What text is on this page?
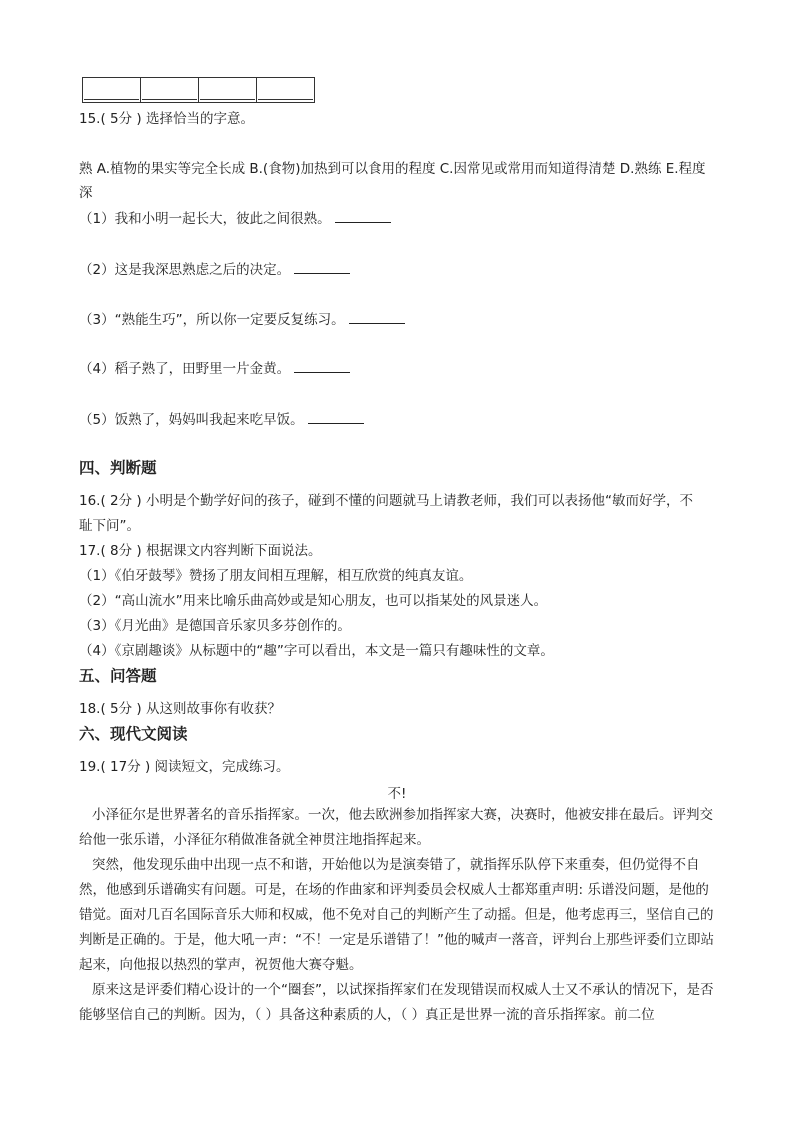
15.( 5分 ) 选择恰当的字意。
熟 A.植物的果实等完全长成 B.(食物)加热到可以食用的程度 C.因常见或常用而知道得清楚 D.熟练 E.程度
深
（1）我和小明一起长大，彼此之间很熟。
（2）这是我深思熟虑之后的决定。
（3）“熟能生巧”，所以你一定要反复练习。
（4）稻子熟了，田野里一片金黄。
（5）饭熟了，妈妈叫我起来吃早饭。
四、判断题
16.( 2分 ) 小明是个勤学好问的孩子，碰到不懂的问题就马上请教老师，我们可以表扬他“敏而好学，不
耻下问”。
17.( 8分 ) 根据课文内容判断下面说法。
（1）《伯牙鼓琴》赞扬了朋友间相互理解，相互欣赏的纯真友谊。
（2）“高山流水”用来比喻乐曲高妙或是知心朋友，也可以指某处的风景迷人。
（3）《月光曲》是德国音乐家贝多芬创作的。
（4）《京剧趣谈》从标题中的“趣”字可以看出，本文是一篇只有趣味性的文章。
五、问答题
18.( 5分 ) 从这则故事你有收获？
六、现代文阅读
19.( 17分 ) 阅读短文，完成练习。
不!
小泽征尔是世界著名的音乐指挥家。一次，他去欧洲参加指挥家大赛，决赛时，他被安排在最后。评判交给他一张乐谱，小泽征尔稍做准备就全神贯注地指挥起来。
突然，他发现乐曲中出现一点不和谐，开始他以为是演奏错了，就指挥乐队停下来重奏，但仍觉得不自然，他感到乐谱确实有问题。可是，在场的作曲家和评判委员会权威人士都郑重声明: 乐谱没问题，是他的错觉。面对几百名国际音乐大师和权威，他不免对自己的判断产生了动摇。但是，他考虑再三，坚信自己的判断是正确的。于是，他大吼一声：“不！一定是乐谱错了！”他的喊声一落音，评判台上那些评委们立即站起来，向他报以热烈的掌声，祝贺他大赛夺魁。
原来这是评委们精心设计的一个“圈套”，以试探指挥家们在发现错误而权威人士又不承认的情况下，是否能够坚信自己的判断。因为，（ ）具备这种素质的人，（ ）真正是世界一流的音乐指挥家。前二位
